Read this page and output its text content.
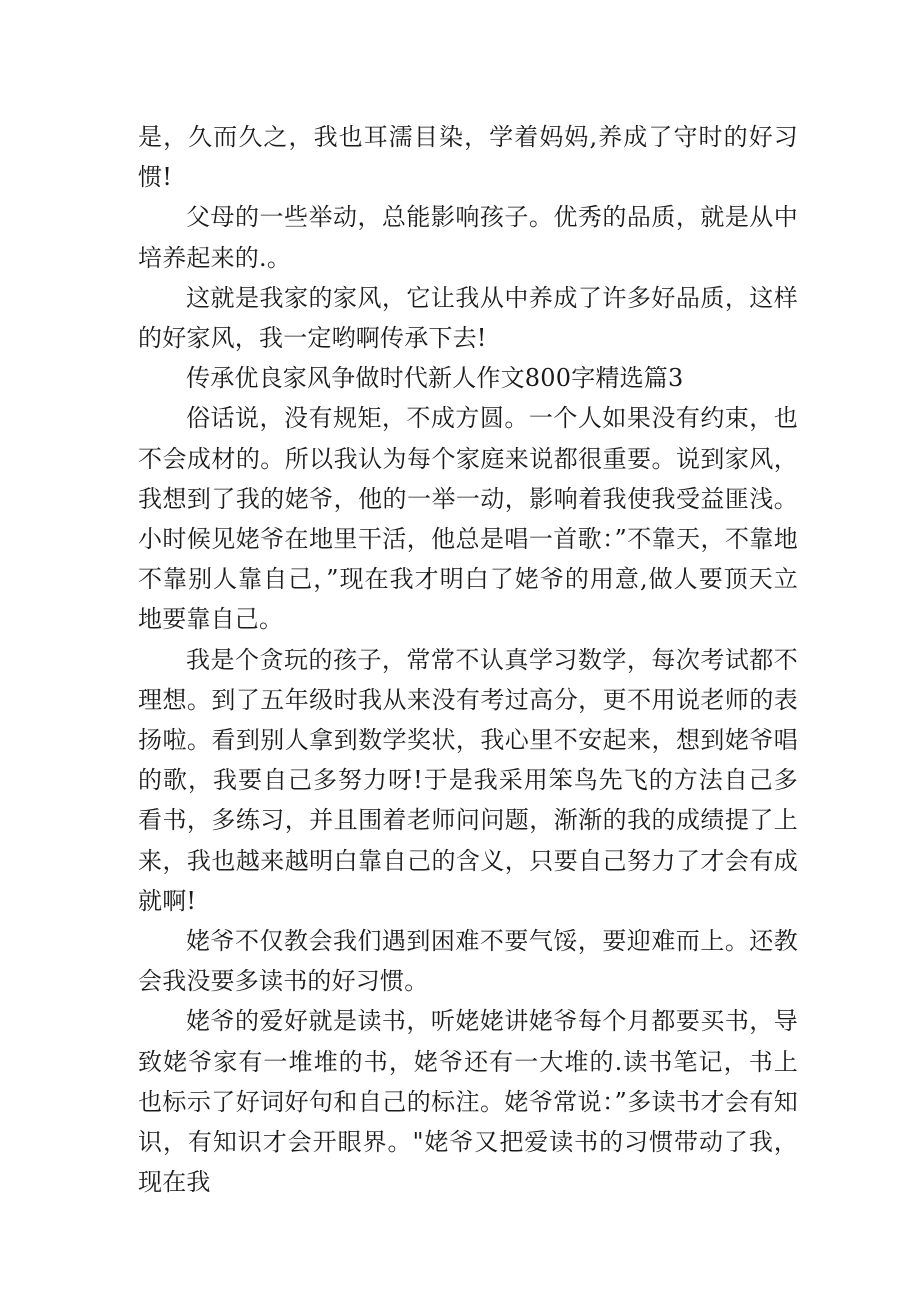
是，久而久之，我也耳濡目染，学着妈妈,养成了守时的好习惯!

父母的一些举动，总能影响孩子。优秀的品质，就是从中培养起来的.。

这就是我家的家风，它让我从中养成了许多好品质，这样的好家风，我一定哟啊传承下去!

传承优良家风争做时代新人作文800字精选篇3

俗话说，没有规矩，不成方圆。一个人如果没有约束，也不会成材的。所以我认为每个家庭来说都很重要。说到家风，我想到了我的姥爷，他的一举一动，影响着我使我受益匪浅。小时候见姥爷在地里干活，他总是唱一首歌：”不靠天，不靠地不靠别人靠自己，”现在我才明白了姥爷的用意,做人要顶天立地要靠自己。

我是个贪玩的孩子，常常不认真学习数学，每次考试都不理想。到了五年级时我从来没有考过高分，更不用说老师的表扬啦。看到别人拿到数学奖状，我心里不安起来，想到姥爷唱的歌，我要自己多努力呀!于是我采用笨鸟先飞的方法自己多看书，多练习，并且围着老师问问题，渐渐的我的成绩提了上来，我也越来越明白靠自己的含义，只要自己努力了才会有成就啊!

姥爷不仅教会我们遇到困难不要气馁，要迎难而上。还教会我没要多读书的好习惯。

姥爷的爱好就是读书，听姥姥讲姥爷每个月都要买书，导致姥爷家有一堆堆的书，姥爷还有一大堆的.读书笔记，书上也标示了好词好句和自己的标注。姥爷常说：”多读书才会有知识，有知识才会开眼界。"姥爷又把爱读书的习惯带动了我，现在我
